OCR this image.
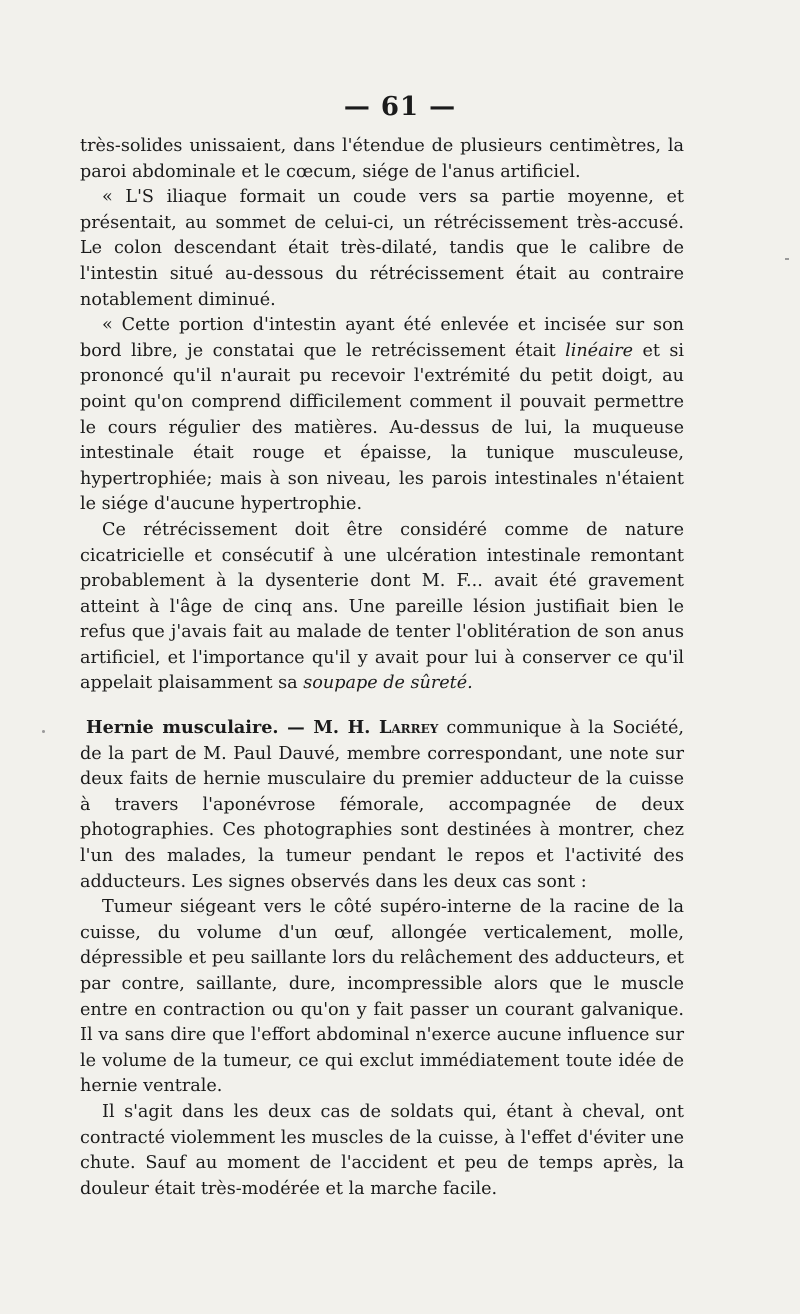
— 61 —

très-solides unissaient, dans l'étendue de plusieurs centimètres, la paroi abdominale et le cœcum, siége de l'anus artificiel.

« L'S iliaque formait un coude vers sa partie moyenne, et présentait, au sommet de celui-ci, un rétrécissement très-accusé. Le colon descendant était très-dilaté, tandis que le calibre de l'intestin situé au-dessous du rétrécissement était au contraire notablement diminué.

« Cette portion d'intestin ayant été enlevée et incisée sur son bord libre, je constatai que le retrécissement était linéaire et si prononcé qu'il n'aurait pu recevoir l'extrémité du petit doigt, au point qu'on comprend difficilement comment il pouvait permettre le cours régulier des matières. Au-dessus de lui, la muqueuse intestinale était rouge et épaisse, la tunique musculeuse, hypertrophiée; mais à son niveau, les parois intestinales n'étaient le siége d'aucune hypertrophie.

Ce rétrécissement doit être considéré comme de nature cicatricielle et consécutif à une ulcération intestinale remontant probablement à la dysenterie dont M. F... avait été gravement atteint à l'âge de cinq ans. Une pareille lésion justifiait bien le refus que j'avais fait au malade de tenter l'oblitération de son anus artificiel, et l'importance qu'il y avait pour lui à conserver ce qu'il appelait plaisamment sa soupape de sûreté.

Hernie musculaire. — M. H. Larrey communique à la Société, de la part de M. Paul Dauvé, membre correspondant, une note sur deux faits de hernie musculaire du premier adducteur de la cuisse à travers l'aponévrose fémorale, accompagnée de deux photographies. Ces photographies sont destinées à montrer, chez l'un des malades, la tumeur pendant le repos et l'activité des adducteurs. Les signes observés dans les deux cas sont :

Tumeur siégeant vers le côté supéro-interne de la racine de la cuisse, du volume d'un œuf, allongée verticalement, molle, dépressible et peu saillante lors du relâchement des adducteurs, et par contre, saillante, dure, incompressible alors que le muscle entre en contraction ou qu'on y fait passer un courant galvanique. Il va sans dire que l'effort abdominal n'exerce aucune influence sur le volume de la tumeur, ce qui exclut immédiatement toute idée de hernie ventrale.

Il s'agit dans les deux cas de soldats qui, étant à cheval, ont contracté violemment les muscles de la cuisse, à l'effet d'éviter une chute. Sauf au moment de l'accident et peu de temps après, la douleur était très-modérée et la marche facile.
